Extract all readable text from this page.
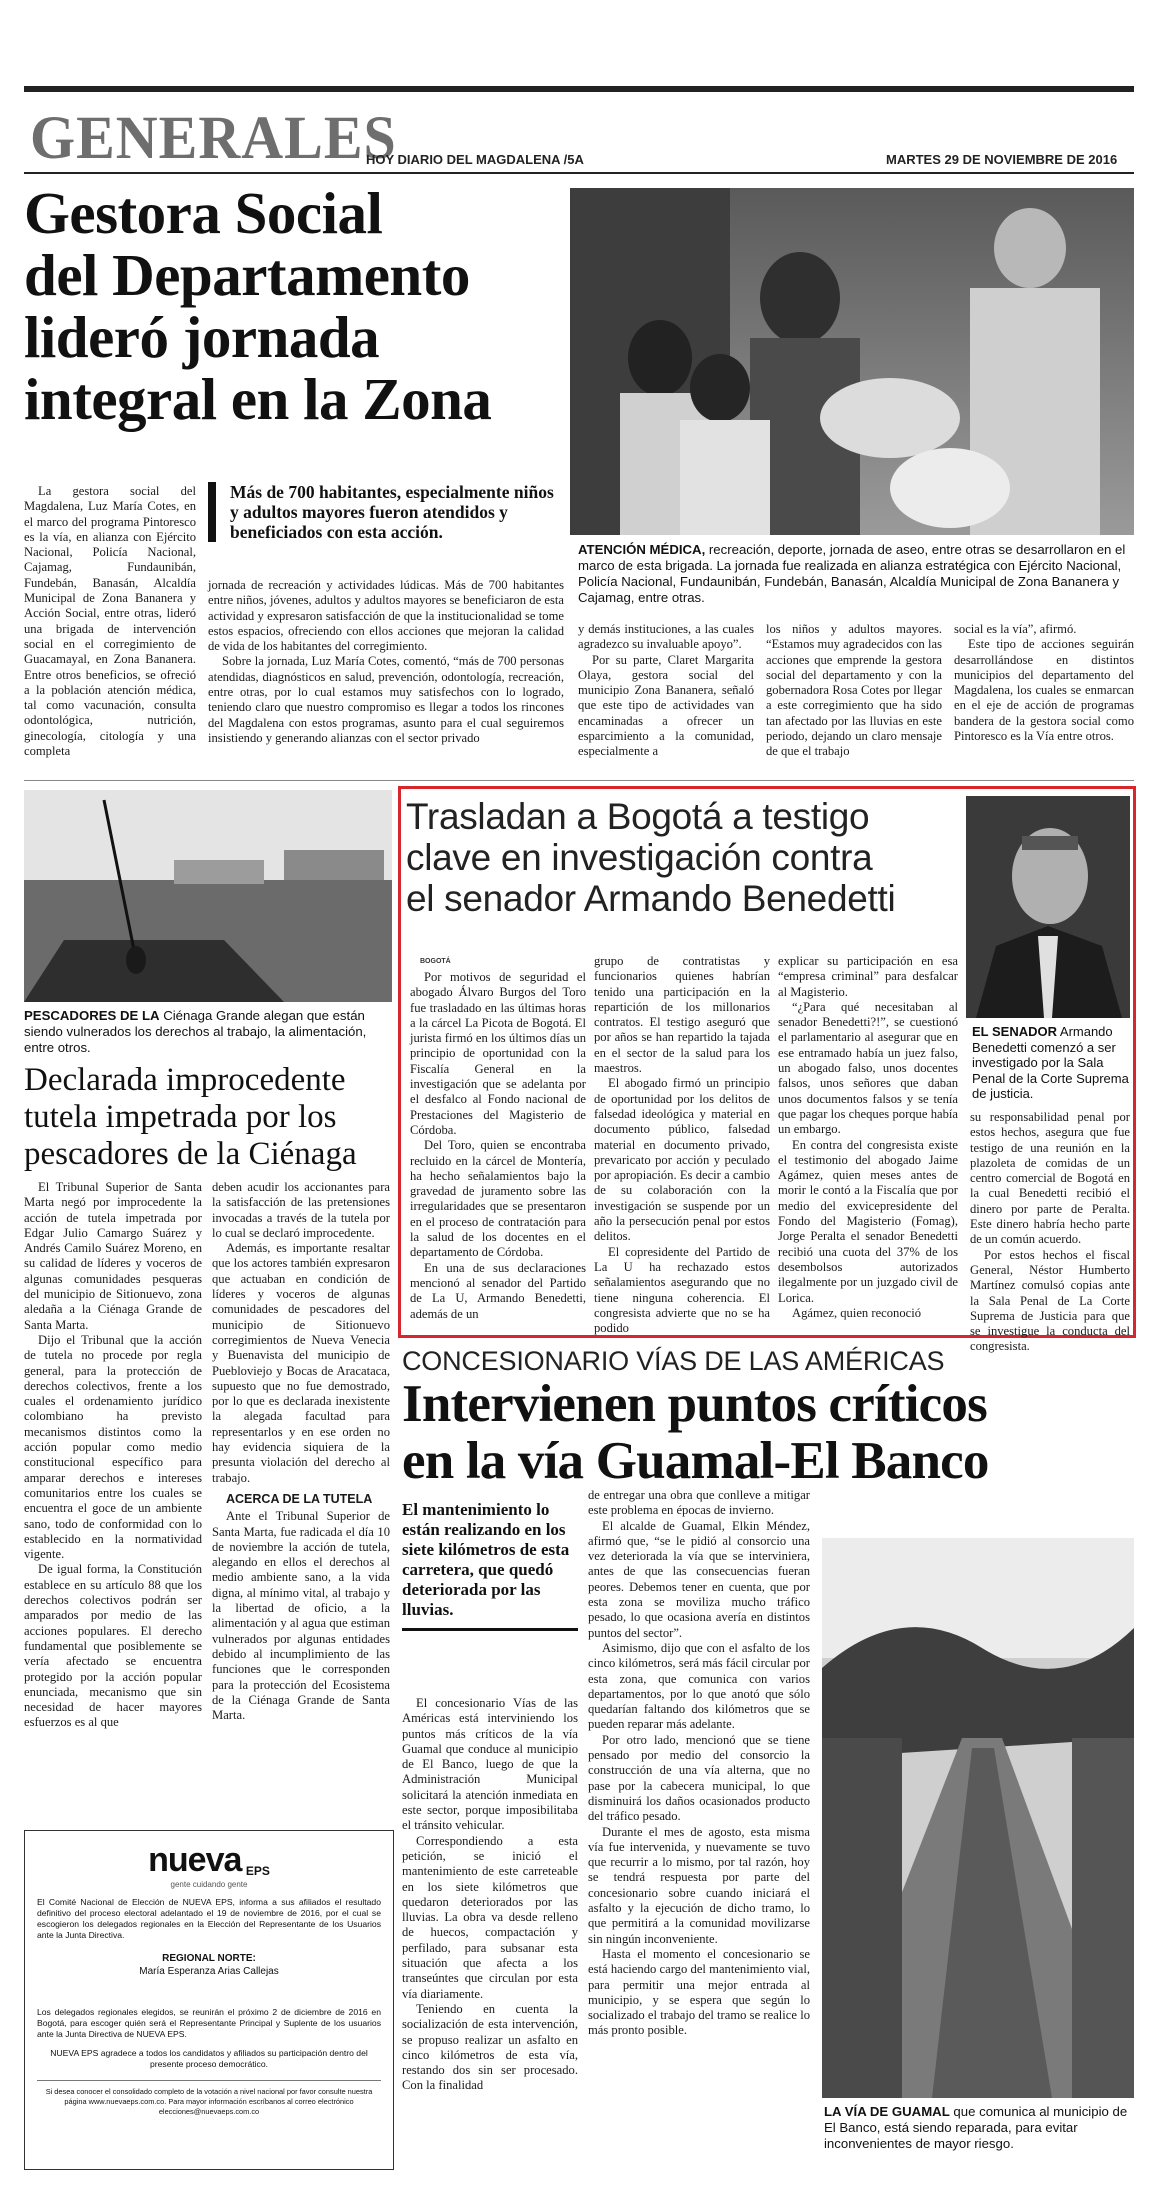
GENERALES
HOY DIARIO DEL MAGDALENA /5A	MARTES 29 DE NOVIEMBRE DE 2016
Gestora Social
del Departamento
lideró jornada
integral en la Zona

La gestora social del Magdalena, Luz María Cotes, en el marco del programa Pintoresco es la vía, en alianza con Ejército Nacional, Policía Nacional, Cajamag, Fundaunibán, Fundebán, Banasán, Alcaldía Municipal de Zona Bananera y Acción Social, entre otras, lideró una brigada de intervención social en el corregimiento de Guacamayal, en Zona Bananera. Entre otros beneficios, se ofreció a la población atención médica, tal como vacunación, consulta odontológica, nutrición, ginecología, citología y una completa

Más de 700 habitantes, especialmente niños y adultos mayores fueron atendidos y beneficiados con esta acción.

jornada de recreación y actividades lúdicas. Más de 700 habitantes entre niños, jóvenes, adultos y adultos mayores se beneficiaron de esta actividad y expresaron satisfacción de que la institucionalidad se tome estos espacios, ofreciendo con ellos acciones que mejoran la calidad de vida de los habitantes del corregimiento.

Sobre la jornada, Luz María Cotes, comentó, “más de 700 personas atendidas, diagnósticos en salud, prevención, odontología, recreación, entre otras, por lo cual estamos muy satisfechos con lo logrado, teniendo claro que nuestro compromiso es llegar a todos los rincones del Magdalena con estos programas, asunto para el cual seguiremos insistiendo y generando alianzas con el sector privado

ATENCIÓN MÉDICA, recreación, deporte, jornada de aseo, entre otras se desarrollaron en el marco de esta brigada. La jornada fue realizada en alianza estratégica con Ejército Nacional, Policía Nacional, Fundaunibán, Fundebán, Banasán, Alcaldía Municipal de Zona Bananera y Cajamag, entre otras.

y demás instituciones, a las cuales agradezco su invaluable apoyo”.

Por su parte, Claret Margarita Olaya, gestora social del municipio Zona Bananera, señaló que este tipo de actividades van encaminadas a ofrecer un esparcimiento a la comunidad, especialmente a

los niños y adultos mayores. “Estamos muy agradecidos con las acciones que emprende la gestora social del departamento y con la gobernadora Rosa Cotes por llegar a este corregimiento que ha sido tan afectado por las lluvias en este periodo, dejando un claro mensaje de que el trabajo

social es la vía”, afirmó.

Este tipo de acciones seguirán desarrollándose en distintos municipios del departamento del Magdalena, los cuales se enmarcan en el eje de acción de programas bandera de la gestora social como Pintoresco es la Vía entre otros.

PESCADORES DE LA Ciénaga Grande alegan que están siendo vulnerados los derechos al trabajo, la alimentación, entre otros.
Declarada improcedente
tutela impetrada por los
pescadores de la Ciénaga

El Tribunal Superior de Santa Marta negó por improcedente la acción de tutela impetrada por Edgar Julio Camargo Suárez y Andrés Camilo Suárez Moreno, en su calidad de líderes y voceros de algunas comunidades pesqueras del municipio de Sitionuevo, zona aledaña a la Ciénaga Grande de Santa Marta.

Dijo el Tribunal que la acción de tutela no procede por regla general, para la protección de derechos colectivos, frente a los cuales el ordenamiento jurídico colombiano ha previsto mecanismos distintos como la acción popular como medio constitucional específico para amparar derechos e intereses comunitarios entre los cuales se encuentra el goce de un ambiente sano, todo de conformidad con lo establecido en la normatividad vigente.

De igual forma, la Constitución establece en su artículo 88 que los derechos colectivos podrán ser amparados por medio de las acciones populares. El derecho fundamental que posiblemente se vería afectado se encuentra protegido por la acción popular enunciada, mecanismo que sin necesidad de hacer mayores esfuerzos es al que

deben acudir los accionantes para la satisfacción de las pretensiones invocadas a través de la tutela por lo cual se declaró improcedente.

Además, es importante resaltar que los actores también expresaron que actuaban en condición de líderes y voceros de algunas comunidades de pescadores del municipio de Sitionuevo corregimientos de Nueva Venecia y Buenavista del municipio de Puebloviejo y Bocas de Aracataca, supuesto que no fue demostrado, por lo que es declarada inexistente la alegada facultad para representarlos y en ese orden no hay evidencia siquiera de la presunta violación del derecho al trabajo.

ACERCA DE LA TUTELA

Ante el Tribunal Superior de Santa Marta, fue radicada el día 10 de noviembre la acción de tutela, alegando en ellos el derechos al medio ambiente sano, a la vida digna, al mínimo vital, al trabajo y la libertad de oficio, a la alimentación y al agua que estiman vulnerados por algunas entidades debido al incumplimiento de las funciones que le corresponden para la protección del Ecosistema de la Ciénaga Grande de Santa Marta.

Trasladan a Bogotá a testigo
clave en investigación contra
el senador Armando Benedetti
BOGOTÁ

Por motivos de seguridad el abogado Álvaro Burgos del Toro fue trasladado en las últimas horas a la cárcel La Picota de Bogotá. El jurista firmó en los últimos días un principio de oportunidad con la Fiscalía General en la investigación que se adelanta por el desfalco al Fondo nacional de Prestaciones del Magisterio de Córdoba.

Del Toro, quien se encontraba recluido en la cárcel de Montería, ha hecho señalamientos bajo la gravedad de juramento sobre las irregularidades que se presentaron en el proceso de contratación para la salud de los docentes en el departamento de Córdoba.

En una de sus declaraciones mencionó al senador del Partido de La U, Armando Benedetti, además de un

grupo de contratistas y funcionarios quienes habrían tenido una participación en la repartición de los millonarios contratos. El testigo aseguró que por años se han repartido la tajada en el sector de la salud para los maestros.

El abogado firmó un principio de oportunidad por los delitos de falsedad ideológica y material en documento público, falsedad material en documento privado, prevaricato por acción y peculado por apropiación. Es decir a cambio de su colaboración con la investigación se suspende por un año la persecución penal por estos delitos.

El copresidente del Partido de La U ha rechazado estos señalamientos asegurando que no tiene ninguna coherencia. El congresista advierte que no se ha podido

explicar su participación en esa “empresa criminal” para desfalcar al Magisterio.

“¿Para qué necesitaban al senador Benedetti?!”, se cuestionó el parlamentario al asegurar que en ese entramado había un juez falso, un abogado falso, unos docentes falsos, unos señores que daban unos documentos falsos y se tenía que pagar los cheques porque había un embargo.

En contra del congresista existe el testimonio del abogado Jaime Agámez, quien meses antes de morir le contó a la Fiscalía que por medio del exvicepresidente del Fondo del Magisterio (Fomag), Jorge Peralta el senador Benedetti recibió una cuota del 37% de los desembolsos autorizados ilegalmente por un juzgado civil de Lorica.

Agámez, quien reconoció

EL SENADOR Armando Benedetti comenzó a ser investigado por la Sala Penal de la Corte Suprema de justicia.

su responsabilidad penal por estos hechos, asegura que fue testigo de una reunión en la plazoleta de comidas de un centro comercial de Bogotá en la cual Benedetti recibió el dinero por parte de Peralta. Este dinero habría hecho parte de un común acuerdo.

Por estos hechos el fiscal General, Néstor Humberto Martínez comulsó copias ante la Sala Penal de La Corte Suprema de Justicia para que se investigue la conducta del congresista.

CONCESIONARIO VÍAS DE LAS AMÉRICAS
Intervienen puntos críticos
en la vía Guamal-El Banco
El mantenimiento lo están realizando en los siete kilómetros de esta carretera, que quedó deteriorada por las lluvias.

El concesionario Vías de las Américas está interviniendo los puntos más críticos de la vía Guamal que conduce al municipio de El Banco, luego de que la Administración Municipal solicitará la atención inmediata en este sector, porque imposibilitaba el tránsito vehicular.

Correspondiendo a esta petición, se inició el mantenimiento de este carreteable en los siete kilómetros que quedaron deteriorados por las lluvias. La obra va desde relleno de huecos, compactación y perfilado, para subsanar esta situación que afecta a los transeúntes que circulan por esta vía diariamente.

Teniendo en cuenta la socialización de esta intervención, se propuso realizar un asfalto en cinco kilómetros de esta vía, restando dos sin ser procesado. Con la finalidad

de entregar una obra que conlleve a mitigar este problema en épocas de invierno.

El alcalde de Guamal, Elkin Méndez, afirmó que, “se le pidió al consorcio una vez deteriorada la vía que se interviniera, antes de que las consecuencias fueran peores. Debemos tener en cuenta, que por esta zona se moviliza mucho tráfico pesado, lo que ocasiona avería en distintos puntos del sector”.

Asimismo, dijo que con el asfalto de los cinco kilómetros, será más fácil circular por esta zona, que comunica con varios departamentos, por lo que anotó que sólo quedarían faltando dos kilómetros que se pueden reparar más adelante.

Por otro lado, mencionó que se tiene pensado por medio del consorcio la construcción de una vía alterna, que no pase por la cabecera municipal, lo que disminuirá los daños ocasionados producto del tráfico pesado.

Durante el mes de agosto, esta misma vía fue intervenida, y nuevamente se tuvo que recurrir a lo mismo, por tal razón, hoy se tendrá respuesta por parte del concesionario sobre cuando iniciará el asfalto y la ejecución de dicho tramo, lo que permitirá a la comunidad movilizarse sin ningún inconveniente.

Hasta el momento el concesionario se está haciendo cargo del mantenimiento vial, para permitir una mejor entrada al municipio, y se espera que según lo socializado el trabajo del tramo se realice lo más pronto posible.

LA VÍA DE GUAMAL que comunica al municipio de El Banco, está siendo reparada, para evitar inconvenientes de mayor riesgo.
nueva $_{EPS}$
gente cuidando gente
El Comité Nacional de Elección de NUEVA EPS, informa a sus afiliados el resultado definitivo del proceso electoral adelantado el 19 de noviembre de 2016, por el cual se escogieron los delegados regionales en la Elección del Representante de los Usuarios ante la Junta Directiva.
REGIONAL NORTE:
María Esperanza Arias Callejas
Los delegados regionales elegidos, se reunirán el próximo 2 de diciembre de 2016 en Bogotá, para escoger quién será el Representante Principal y Suplente de los usuarios ante la Junta Directiva de NUEVA EPS.
NUEVA EPS agradece a todos los candidatos y afiliados su participación dentro del presente proceso democrático.
Si desea conocer el consolidado completo de la votación a nivel nacional por favor consulte nuestra página www.nuevaeps.com.co. Para mayor información escríbanos al correo electrónico elecciones@nuevaeps.com.co
